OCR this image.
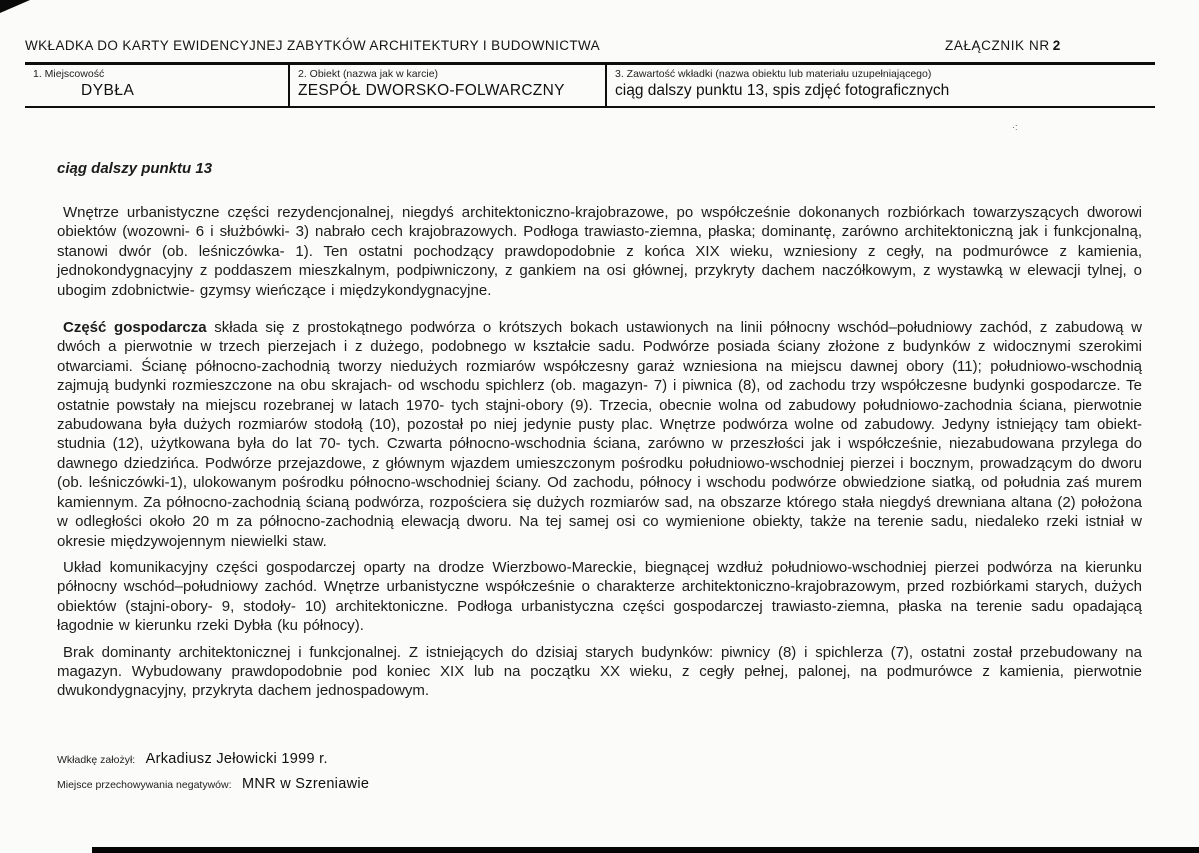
·:
WKŁADKA DO KARTY EWIDENCYJNEJ ZABYTKÓW ARCHITEKTURY I BUDOWNICTWA	ZAŁĄCZNIK NR 2
1. Miejscowość
DYBŁA
2. Obiekt (nazwa jak w karcie)
ZESPÓŁ DWORSKO-FOLWARCZNY
3. Zawartość wkładki (nazwa obiektu lub materiału uzupełniającego)
ciąg dalszy punktu 13, spis zdjęć fotograficznych
ciąg dalszy punktu 13

Wnętrze urbanistyczne części rezydencjonalnej, niegdyś architektoniczno-krajobrazowe, po współcześnie dokonanych rozbiórkach towarzyszących dworowi obiektów (wozowni- 6 i służbówki- 3) nabrało cech krajobrazowych. Podłoga trawiasto-ziemna, płaska; dominantę, zarówno architektoniczną jak i funkcjonalną, stanowi dwór (ob. leśniczówka- 1). Ten ostatni pochodzący prawdopodobnie z końca XIX wieku, wzniesiony z cegły, na podmurówce z kamienia, jednokondygnacyjny z poddaszem mieszkalnym, podpiwniczony, z gankiem na osi głównej, przykryty dachem naczółkowym, z wystawką w elewacji tylnej, o ubogim zdobnictwie- gzymsy wieńczące i międzykondygnacyjne.

Część gospodarcza składa się z prostokątnego podwórza o krótszych bokach ustawionych na linii północny wschód–południowy zachód, z zabudową w dwóch a pierwotnie w trzech pierzejach i z dużego, podobnego w kształcie sadu. Podwórze posiada ściany złożone z budynków z widocznymi szerokimi otwarciami. Ścianę północno-zachodnią tworzy niedużych rozmiarów współczesny garaż wzniesiona na miejscu dawnej obory (11); południowo-wschodnią zajmują budynki rozmieszczone na obu skrajach- od wschodu spichlerz (ob. magazyn- 7) i piwnica (8), od zachodu trzy współczesne budynki gospodarcze. Te ostatnie powstały na miejscu rozebranej w latach 1970- tych stajni-obory (9). Trzecia, obecnie wolna od zabudowy południowo-zachodnia ściana, pierwotnie zabudowana była dużych rozmiarów stodołą (10), pozostał po niej jedynie pusty plac. Wnętrze podwórza wolne od zabudowy. Jedyny istniejący tam obiekt- studnia (12), użytkowana była do lat 70- tych. Czwarta północno-wschodnia ściana, zarówno w przeszłości jak i współcześnie, niezabudowana przylega do dawnego dziedzińca. Podwórze przejazdowe, z głównym wjazdem umieszczonym pośrodku południowo-wschodniej pierzei i bocznym, prowadzącym do dworu (ob. leśniczówki-1), ulokowanym pośrodku północno-wschodniej ściany. Od zachodu, północy i wschodu podwórze obwiedzione siatką, od południa zaś murem kamiennym. Za północno-zachodnią ścianą podwórza, rozpościera się dużych rozmiarów sad, na obszarze którego stała niegdyś drewniana altana (2) położona w odległości około 20 m za północno-zachodnią elewacją dworu. Na tej samej osi co wymienione obiekty, także na terenie sadu, niedaleko rzeki istniał w okresie międzywojennym niewielki staw.

Układ komunikacyjny części gospodarczej oparty na drodze Wierzbowo-Mareckie, biegnącej wzdłuż południowo-wschodniej pierzei podwórza na kierunku północny wschód–południowy zachód. Wnętrze urbanistyczne współcześnie o charakterze architektoniczno-krajobrazowym, przed rozbiórkami starych, dużych obiektów (stajni-obory- 9, stodoły- 10) architektoniczne. Podłoga urbanistyczna części gospodarczej trawiasto-ziemna, płaska na terenie sadu opadającą łagodnie w kierunku rzeki Dybła (ku północy).

Brak dominanty architektonicznej i funkcjonalnej. Z istniejących do dzisiaj starych budynków: piwnicy (8) i spichlerza (7), ostatni został przebudowany na magazyn. Wybudowany prawdopodobnie pod koniec XIX lub na początku XX wieku, z cegły pełnej, palonej, na podmurówce z kamienia, pierwotnie dwukondygnacyjny, przykryta dachem jednospadowym.

Wkładkę założył: Arkadiusz Jełowicki 1999 r.
Miejsce przechowywania negatywów: MNR w Szreniawie
